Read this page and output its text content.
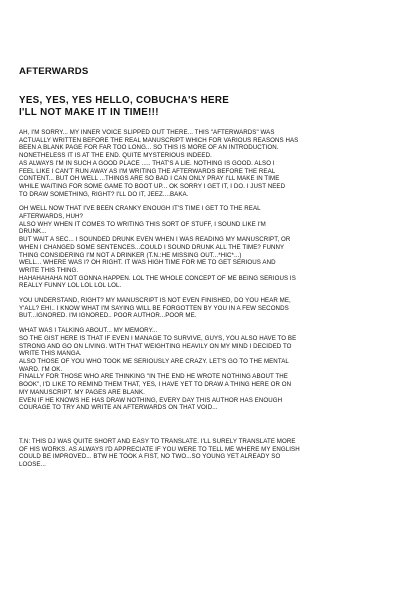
AFTERWARDS
YES, YES, YES HELLO, COBUCHA'S HERE
I'LL NOT MAKE IT IN TIME!!!
AH, I'M SORRY... MY INNER VOICE SLIPPED OUT THERE... THIS "AFTERWARDS" WAS
ACTUALLY WRITTEN BEFORE THE REAL MANUSCRIPT WHICH FOR VARIOUS REASONS HAS
BEEN A BLANK PAGE FOR FAR TOO LONG... SO THIS IS MORE OF AN INTRODUCTION.
NONETHELESS IT IS AT THE END. QUITE MYSTERIOUS INDEED.
AS ALWAYS I'M IN SUCH A GOOD PLACE ..... THAT'S A LIE. NOTHING IS GOOD. ALSO I
FEEL LIKE I CAN'T RUN AWAY AS I'M WRITING THE AFTERWARDS BEFORE THE REAL
CONTENT... BUT OH WELL ...THINGS ARE SO BAD I CAN ONLY PRAY I'LL MAKE IN TIME
WHILE WAITING FOR SOME GAME TO BOOT UP... OK SORRY I GET IT, I DO. I JUST NEED
TO DRAW SOMETHING, RIGHT? I'LL DO IT, JEEZ....BAKA.
OH WELL NOW THAT I'VE BEEN CRANKY ENOUGH IT'S TIME I GET TO THE REAL
AFTERWARDS, HUH?
ALSO WHY WHEN IT COMES TO WRITING THIS SORT OF STUFF, I SOUND LIKE I'M
DRUNK...
BUT WAIT A SEC... I SOUNDED DRUNK EVEN WHEN I WAS READING MY MANUSCRIPT, OR
WHEN I CHANGED SOME SENTENCES...COULD I SOUND DRUNK ALL THE TIME? FUNNY
THING CONSIDERING I'M NOT A DRINKER (T.N.:HE MISSING OUT...*HIC*...)
WELL... WHERE WAS I? OH RIGHT. IT WAS HIGH TIME FOR ME TO GET SERIOUS AND
WRITE THIS THING.
HAHAHAHAHA NOT GONNA HAPPEN. LOL THE WHOLE CONCEPT OF ME BEING SERIOUS IS
REALLY FUNNY LOL LOL LOL LOL.
YOU UNDERSTAND, RIGHT? MY MANUSCRIPT IS NOT EVEN FINISHED, DO YOU HEAR ME,
Y'ALL? EHI.. I KNOW WHAT I'M SAYING WILL BE FORGOTTEN BY YOU IN A FEW SECONDS
BUT...IGNORED. I'M IGNORED.. POOR AUTHOR...POOR ME.
WHAT WAS I TALKING ABOUT... MY MEMORY...
SO THE GIST HERE IS THAT IF EVEN I MANAGE TO SURVIVE, GUYS, YOU ALSO HAVE TO BE
STRONG AND GO ON LIVING. WITH THAT WEIGHTING HEAVILY ON MY MIND I DECIDED TO
WRITE THIS MANGA.
ALSO THOSE OF YOU WHO TOOK ME SERIOUSLY ARE CRAZY. LET'S GO TO THE MENTAL
WARD. I'M OK.
FINALLY FOR THOSE WHO ARE THINKING "IN THE END HE WROTE NOTHING ABOUT THE
BOOK", I'D LIKE TO REMIND THEM THAT, YES, I HAVE YET TO DRAW A THING HERE OR ON
MY MANUSCRIPT. MY PAGES ARE BLANK.
EVEN IF HE KNOWS HE HAS DRAW NOTHING, EVERY DAY THIS AUTHOR HAS ENOUGH
COURAGE TO TRY AND WRITE AN AFTERWARDS ON THAT VOID...
T.N: THIS DJ WAS QUITE SHORT AND EASY TO TRANSLATE. I'LL SURELY TRANSLATE MORE
OF HIS WORKS. AS ALWAYS I'D APPRECIATE IF YOU WERE TO TELL ME WHERE MY ENGLISH
COULD BE IMPROVED... BTW HE TOOK A FIST, NO TWO...SO YOUNG YET ALREADY SO
LOOSE...
